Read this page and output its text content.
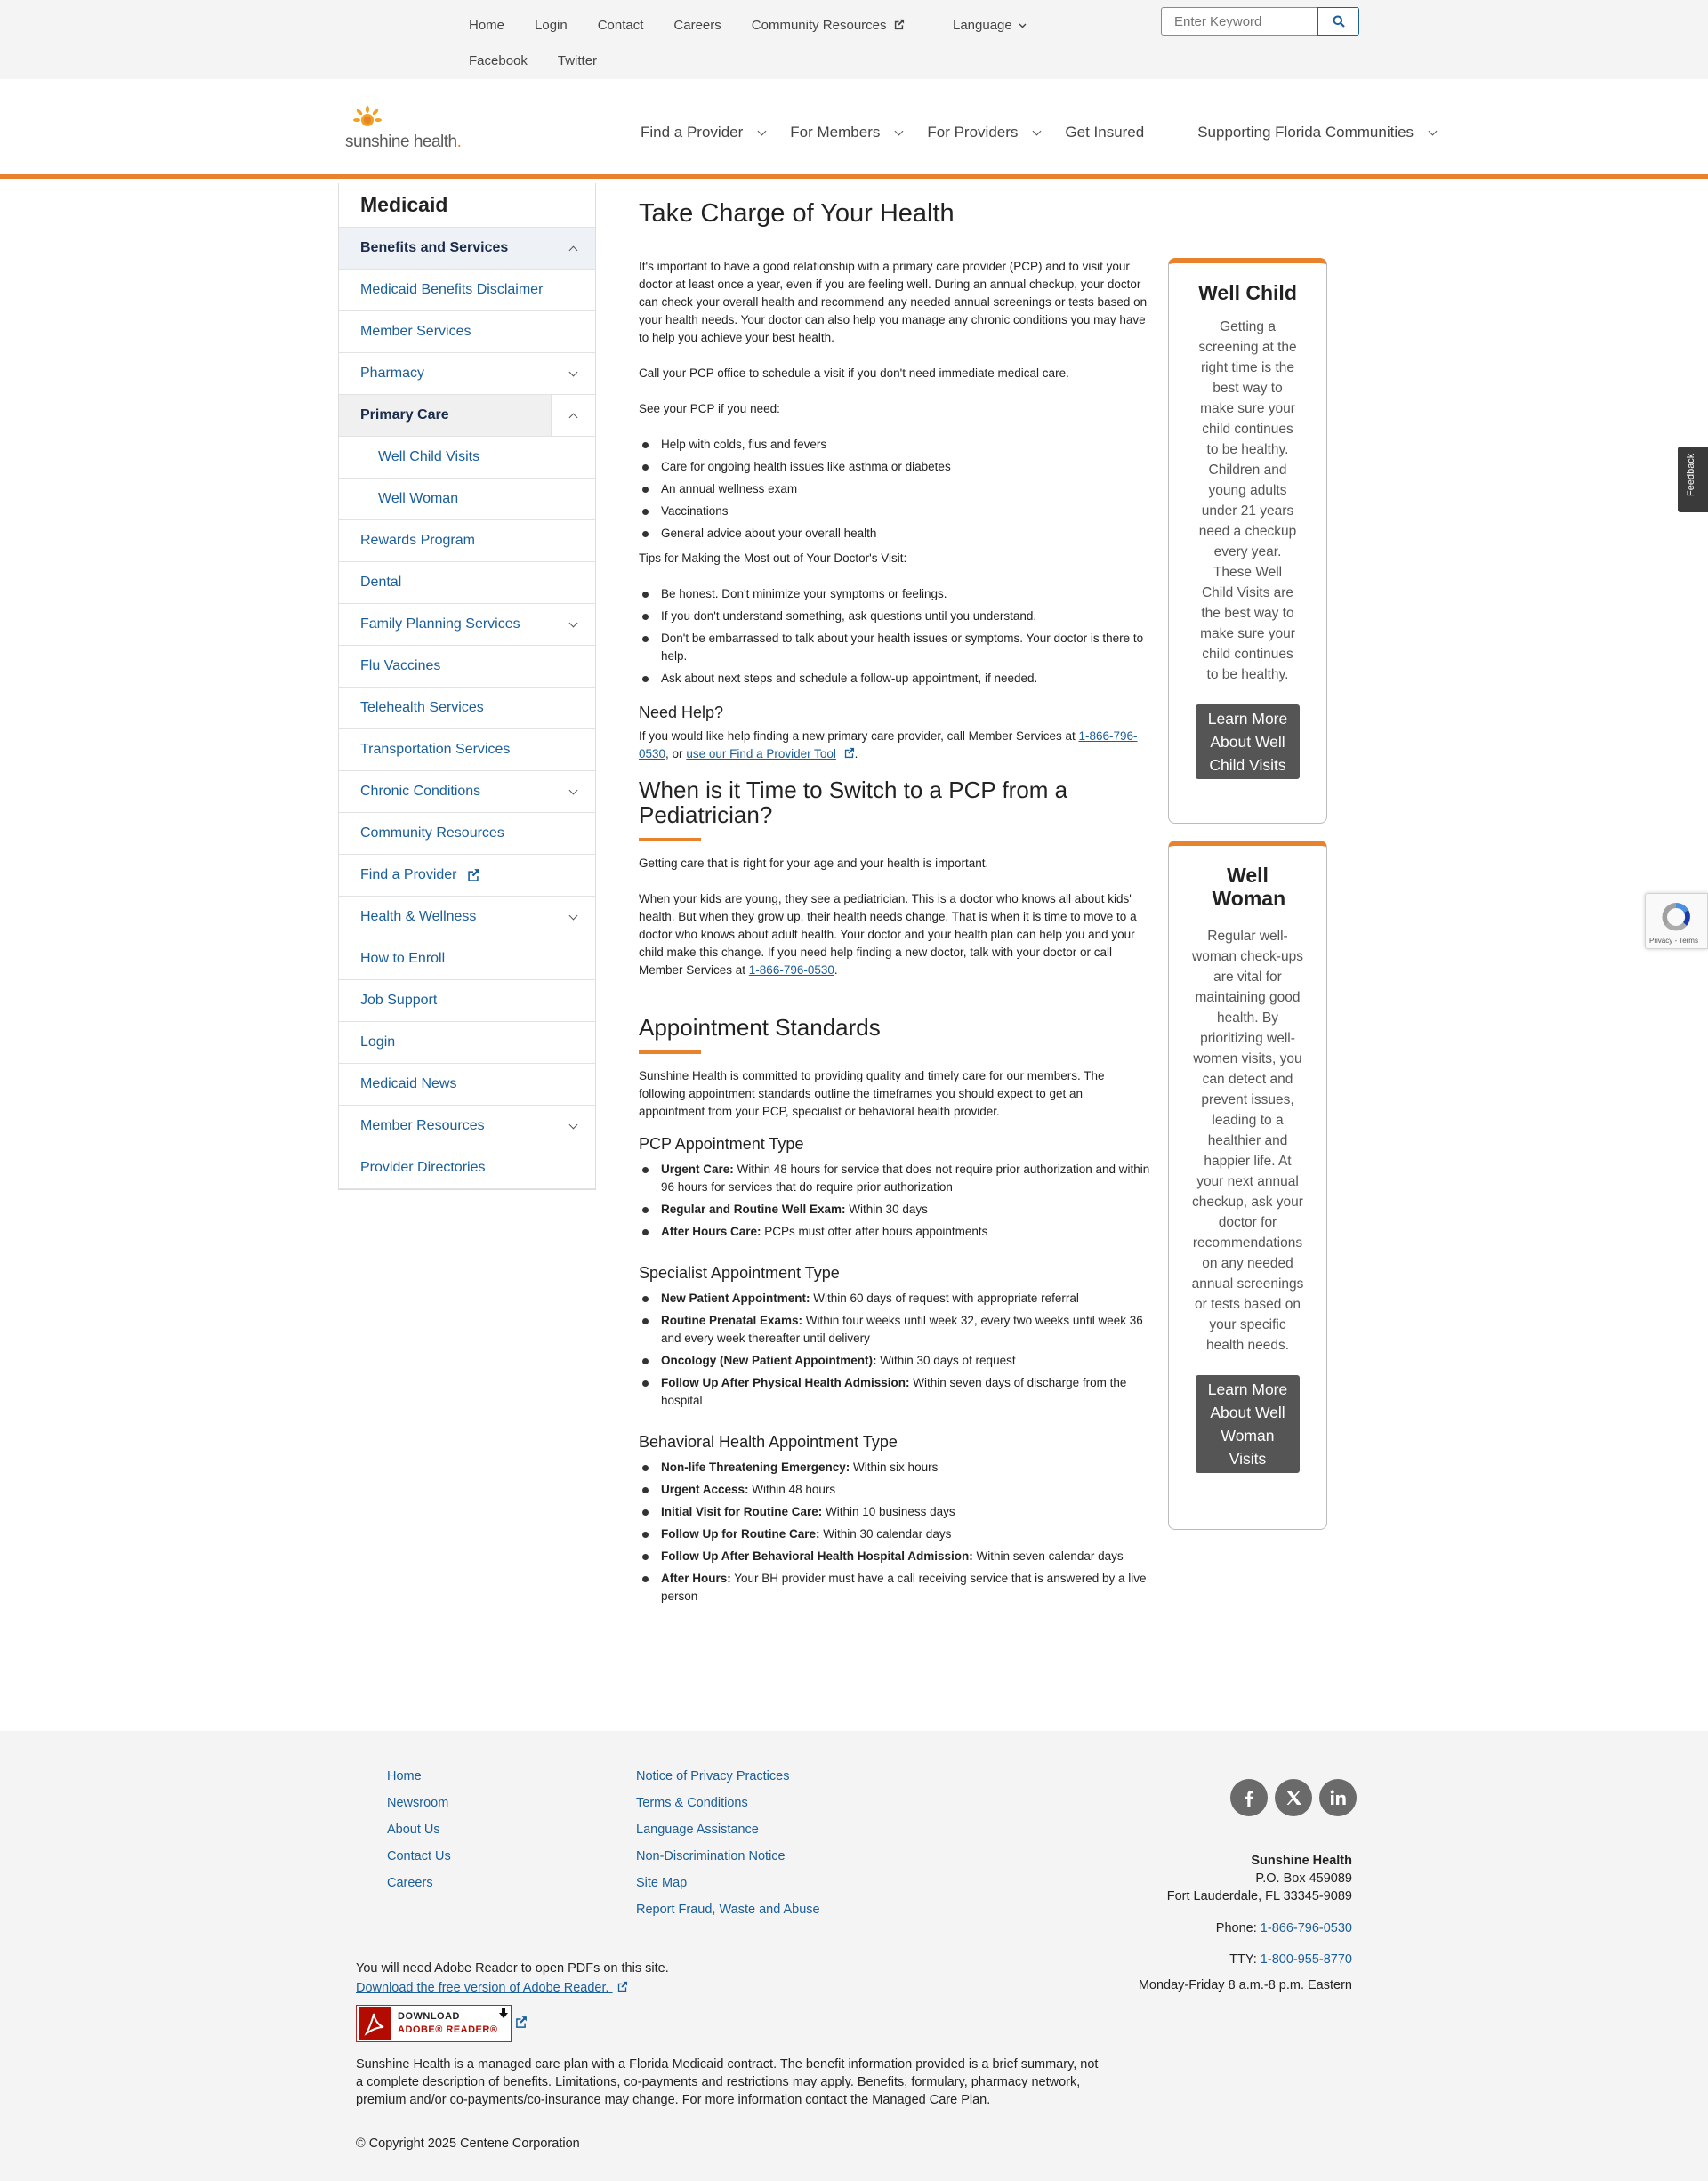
Home Login Contact Careers Community Resources
Facebook Twitter
Language
Enter Keyword
sunshine health.
Find a Provider	For Members	For Providers	Get Insured	Supporting Florida Communities
Medicaid
Benefits and Services
Medicaid Benefits Disclaimer
Member Services
Pharmacy
Primary Care
Well Child Visits
Well Woman
Rewards Program
Dental
Family Planning Services
Flu Vaccines
Telehealth Services
Transportation Services
Chronic Conditions
Community Resources
Find a Provider
Health & Wellness
How to Enroll
Job Support
Login
Medicaid News
Member Resources
Provider Directories
Take Charge of Your Health

It's important to have a good relationship with a primary care provider (PCP) and to visit your doctor at least once a year, even if you are feeling well. During an annual checkup, your doctor can check your overall health and recommend any needed annual screenings or tests based on your health needs. Your doctor can also help you manage any chronic conditions you may have to help you achieve your best health.

Call your PCP office to schedule a visit if you don't need immediate medical care.

See your PCP if you need:

Help with colds, flus and fevers
Care for ongoing health issues like asthma or diabetes
An annual wellness exam
Vaccinations
General advice about your overall health

Tips for Making the Most out of Your Doctor's Visit:

Be honest. Don't minimize your symptoms or feelings.
If you don't understand something, ask questions until you understand.
Don't be embarrassed to talk about your health issues or symptoms. Your doctor is there to help.
Ask about next steps and schedule a follow-up appointment, if needed.
Need Help?

If you would like help finding a new primary care provider, call Member Services at 1-866-796-0530, or use our Find a Provider Tool .

When is it Time to Switch to a PCP from a Pediatrician?

Getting care that is right for your age and your health is important.

When your kids are young, they see a pediatrician. This is a doctor who knows all about kids' health. But when they grow up, their health needs change. That is when it is time to move to a doctor who knows about adult health. Your doctor and your health plan can help you and your child make this change. If you need help finding a new doctor, talk with your doctor or call Member Services at 1-866-796-0530.

Appointment Standards

Sunshine Health is committed to providing quality and timely care for our members. The following appointment standards outline the timeframes you should expect to get an appointment from your PCP, specialist or behavioral health provider.

PCP Appointment Type
Urgent Care: Within 48 hours for service that does not require prior authorization and within 96 hours for services that do require prior authorization
Regular and Routine Well Exam: Within 30 days
After Hours Care: PCPs must offer after hours appointments
Specialist Appointment Type
New Patient Appointment: Within 60 days of request with appropriate referral
Routine Prenatal Exams: Within four weeks until week 32, every two weeks until week 36 and every week thereafter until delivery
Oncology (New Patient Appointment): Within 30 days of request
Follow Up After Physical Health Admission: Within seven days of discharge from the hospital
Behavioral Health Appointment Type
Non-life Threatening Emergency: Within six hours
Urgent Access: Within 48 hours
Initial Visit for Routine Care: Within 10 business days
Follow Up for Routine Care: Within 30 calendar days
Follow Up After Behavioral Health Hospital Admission: Within seven calendar days
After Hours: Your BH provider must have a call receiving service that is answered by a live person
Well Child

Getting a screening at the right time is the best way to make sure your child continues to be healthy. Children and young adults under 21 years need a checkup every year. These Well Child Visits are the best way to make sure your child continues to be healthy.

Learn More About Well Child Visits
Well Woman

Regular well-woman check-ups are vital for maintaining good health. By prioritizing well-women visits, you can detect and prevent issues, leading to a healthier and happier life. At your next annual checkup, ask your doctor for recommendations on any needed annual screenings or tests based on your specific health needs.

Learn More About Well Woman Visits
Feedback
Privacy - Terms
Home
Newsroom
About Us
Contact Us
Careers
Notice of Privacy Practices
Terms & Conditions
Language Assistance
Non-Discrimination Notice
Site Map
Report Fraud, Waste and Abuse
Sunshine Health
P.O. Box 459089
Fort Lauderdale, FL 33345-9089
Phone: 1-866-796-0530
TTY: 1-800-955-8770
Monday-Friday 8 a.m.-8 p.m. Eastern
You will need Adobe Reader to open PDFs on this site.
Download the free version of Adobe Reader.
DOWNLOAD
ADOBE® READER®
Sunshine Health is a managed care plan with a Florida Medicaid contract. The benefit information provided is a brief summary, not a complete description of benefits. Limitations, co-payments and restrictions may apply. Benefits, formulary, pharmacy network, premium and/or co-payments/co-insurance may change. For more information contact the Managed Care Plan.
© Copyright 2025 Centene Corporation
